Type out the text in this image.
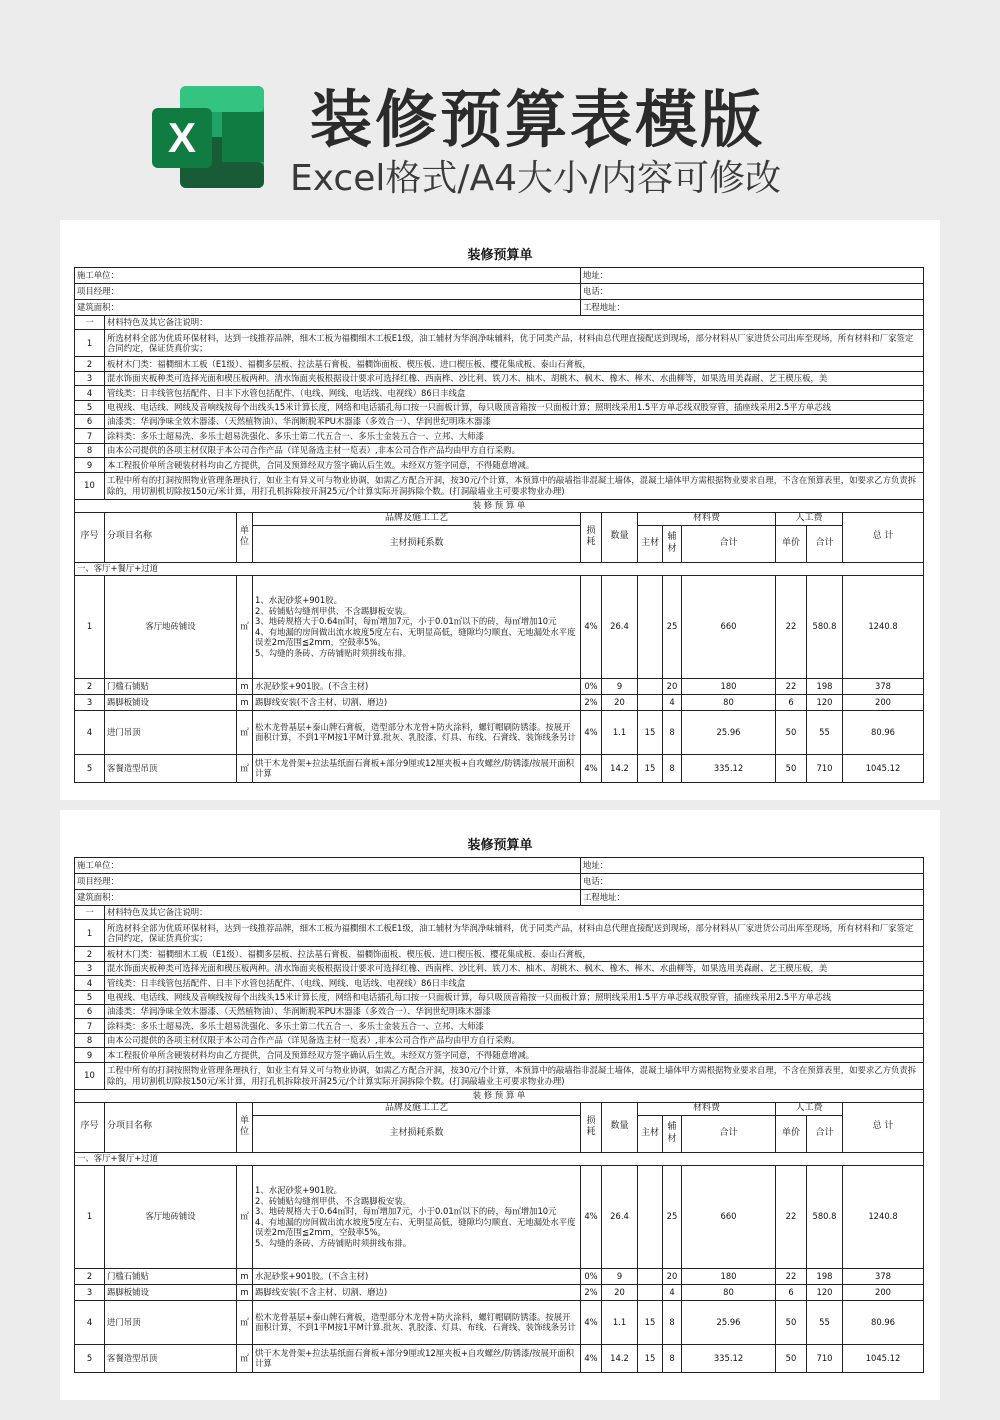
X 装修预算表模版
Excel格式/A4大小/内容可修改
装修预算单
施工单位：				地址：							
项目经理：				电话：							
建筑面积：				工程地址：							
一	材料特色及其它备注说明：										
1	所选材料全部为优质环保材料，达到一线推荐品牌，细木工板为福橺细木工板E1级，油工辅材为华润净味辅料，优于同类产品，材料由总代理直接配送到现场，部分材料从厂家进货公司出库至现场，所有材料和厂家签定合同约定，保证货真价实；										
2	板材木门类：福橺细木工板（E1级）、福橺多层板、拉法基石膏板、福橺饰面板、楔压板、进口楔压板、樱花集成板、泰山石膏板，										
3	混水饰面夹板种类可选择光面和楔压板两种。清水饰面夹板根据设计要求可选择红橡、西南桦、沙比利、铁刀木、柚木、胡桃木、枫木、橡木、榉木、水曲柳等，如果选用美森耐、艺王楔压板，美										
4	管线类：日丰线管包括配件、日丰下水管包括配件、（电线、网线、电话线、电视线）86日丰线盒										
5	电视线、电话线、网线及音响线按每个出线头15米计算长度，网络和电话插孔每口按一只面板计算，每只吸顶音箱按一只面板计算；照明线采用1.5平方单芯线双股穿管，插座线采用2.5平方单芯线										
6	油漆类：华润净味全效木器漆、（天然植物油）、华润断脱苯PU木器漆（多效合一）、华润世纪明珠木器漆										
7	涂料类：多乐士超易洗、多乐士超易洗强化、多乐士第二代五合一、多乐士金装五合一、立邦、大师漆										
8	由本公司提供的各项主材仅限于本公司合作产品（详见备选主材一览表）,非本公司合作产品均由甲方自行采购。										
9	本工程报价单所含硬装材料均由乙方提供，合同及预算经双方签字确认后生效。未经双方签字同意，不得随意增减。										
10	工程中所有的打洞按照物业管理条理执行，如业主有异义可与物业协调，如需乙方配合开洞，按30元/个计算，本预算中的敲墙指非混凝土墙体，混凝土墙体甲方需根据物业要求自理，不含在预算表里，如要求乙方负责拆除的，用切割机切除按150元/米计算，用打孔机拆除按开洞25元/个计算实际开洞拆除个数。(打洞敲墙业主可要求物业办理)										
装 修 预 算 单											
序号	分项目名称	单位	品牌及施工工艺	损耗	数量	材料费			人工费		总 计
			主材损耗系数			主材	辅材	合计	单价	合计	
一、客厅+餐厅+过道											
1	客厅地砖铺设	㎡	1、水泥砂浆+901胶。
2、砖铺贴勾缝剂甲供、不含踢脚板安装。
3、地砖规格大于0.64㎡时，每㎡增加7元，小于0.01㎡以下的砖，每㎡增加10元
4、有地漏的房间做出流水坡度5度左右、无明显高低，缝隙均匀顺直、无地漏处水平度误差2m范围≦2mm，空鼓率5%。
5、勾缝的条砖、方砖铺贴时须拼线布排。	4%	26.4		25	660	22	580.8	1240.8
2	门槛石铺贴	m	水泥砂浆+901胶。(不含主材)	0%	9		20	180	22	198	378
3	踢脚板铺设	m	踢脚线安装(不含主材、切割、磨边)	2%	20		4	80	6	120	200
4	进门吊顶	㎡	松木龙骨基层+泰山牌石膏板，造型部分木龙骨+防火涂料，螺钉帽刷防锈漆。按展开面积计算，不到1平M按1平M计算.批灰、乳胶漆、灯具、布线、石膏线、装饰线条另计	4%	1.1	15	8	25.96	50	55	80.96
5	客餐造型吊顶	㎡	烘干木龙骨架+拉法基纸面石膏板+部分9厘或12厘夹板+自攻螺丝/防锈漆/按展开面积计算	4%	14.2	15	8	335.12	50	710	1045.12
装修预算单
施工单位：				地址：							
项目经理：				电话：							
建筑面积：				工程地址：							
一	材料特色及其它备注说明：										
1	所选材料全部为优质环保材料，达到一线推荐品牌，细木工板为福橺细木工板E1级，油工辅材为华润净味辅料，优于同类产品，材料由总代理直接配送到现场，部分材料从厂家进货公司出库至现场，所有材料和厂家签定合同约定，保证货真价实；										
2	板材木门类：福橺细木工板（E1级）、福橺多层板、拉法基石膏板、福橺饰面板、楔压板、进口楔压板、樱花集成板、泰山石膏板，										
3	混水饰面夹板种类可选择光面和楔压板两种。清水饰面夹板根据设计要求可选择红橡、西南桦、沙比利、铁刀木、柚木、胡桃木、枫木、橡木、榉木、水曲柳等，如果选用美森耐、艺王楔压板，美										
4	管线类：日丰线管包括配件、日丰下水管包括配件、（电线、网线、电话线、电视线）86日丰线盒										
5	电视线、电话线、网线及音响线按每个出线头15米计算长度，网络和电话插孔每口按一只面板计算，每只吸顶音箱按一只面板计算；照明线采用1.5平方单芯线双股穿管，插座线采用2.5平方单芯线										
6	油漆类：华润净味全效木器漆、（天然植物油）、华润断脱苯PU木器漆（多效合一）、华润世纪明珠木器漆										
7	涂料类：多乐士超易洗、多乐士超易洗强化、多乐士第二代五合一、多乐士金装五合一、立邦、大师漆										
8	由本公司提供的各项主材仅限于本公司合作产品（详见备选主材一览表）,非本公司合作产品均由甲方自行采购。										
9	本工程报价单所含硬装材料均由乙方提供，合同及预算经双方签字确认后生效。未经双方签字同意，不得随意增减。										
10	工程中所有的打洞按照物业管理条理执行，如业主有异义可与物业协调，如需乙方配合开洞，按30元/个计算，本预算中的敲墙指非混凝土墙体，混凝土墙体甲方需根据物业要求自理，不含在预算表里，如要求乙方负责拆除的，用切割机切除按150元/米计算，用打孔机拆除按开洞25元/个计算实际开洞拆除个数。(打洞敲墙业主可要求物业办理)										
装 修 预 算 单											
序号	分项目名称	单位	品牌及施工工艺	损耗	数量	材料费			人工费		总 计
			主材损耗系数			主材	辅材	合计	单价	合计	
一、客厅+餐厅+过道											
1	客厅地砖铺设	㎡	1、水泥砂浆+901胶。
2、砖铺贴勾缝剂甲供、不含踢脚板安装。
3、地砖规格大于0.64㎡时，每㎡增加7元，小于0.01㎡以下的砖，每㎡增加10元
4、有地漏的房间做出流水坡度5度左右、无明显高低，缝隙均匀顺直、无地漏处水平度误差2m范围≦2mm，空鼓率5%。
5、勾缝的条砖、方砖铺贴时须拼线布排。	4%	26.4		25	660	22	580.8	1240.8
2	门槛石铺贴	m	水泥砂浆+901胶。(不含主材)	0%	9		20	180	22	198	378
3	踢脚板铺设	m	踢脚线安装(不含主材、切割、磨边)	2%	20		4	80	6	120	200
4	进门吊顶	㎡	松木龙骨基层+泰山牌石膏板，造型部分木龙骨+防火涂料，螺钉帽刷防锈漆。按展开面积计算，不到1平M按1平M计算.批灰、乳胶漆、灯具、布线、石膏线、装饰线条另计	4%	1.1	15	8	25.96	50	55	80.96
5	客餐造型吊顶	㎡	烘干木龙骨架+拉法基纸面石膏板+部分9厘或12厘夹板+自攻螺丝/防锈漆/按展开面积计算	4%	14.2	15	8	335.12	50	710	1045.12
